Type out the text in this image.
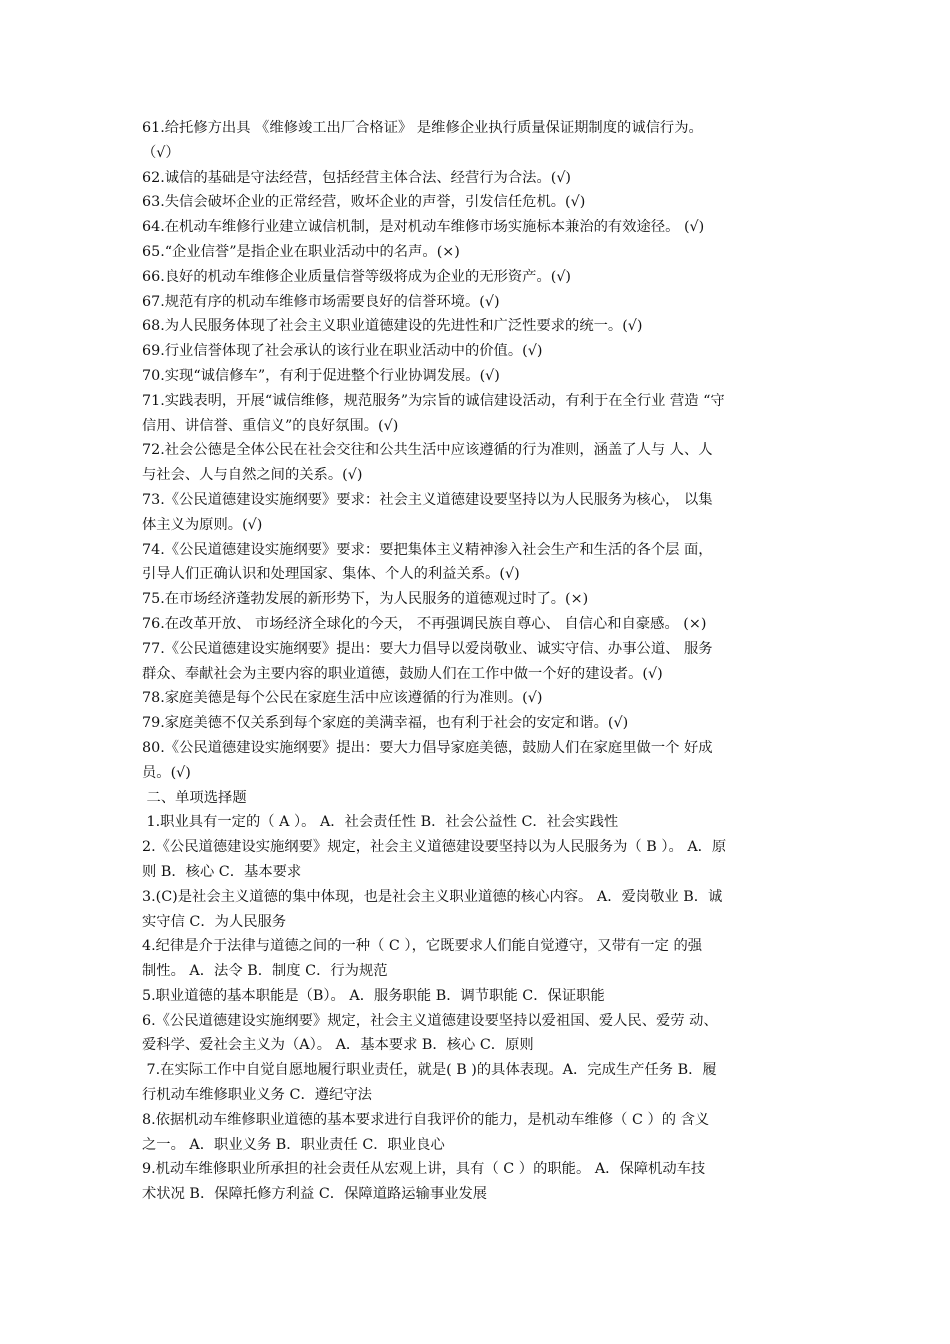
61.给托修方出具 《维修竣工出厂合格证》 是维修企业执行质量保证期制度的诚信行为。
（√）
62.诚信的基础是守法经营，包括经营主体合法、经营行为合法。(√)
63.失信会破坏企业的正常经营，败坏企业的声誉，引发信任危机。(√)
64.在机动车维修行业建立诚信机制，是对机动车维修市场实施标本兼治的有效途径。 (√)
65.“企业信誉”是指企业在职业活动中的名声。(×)
66.良好的机动车维修企业质量信誉等级将成为企业的无形资产。(√)
67.规范有序的机动车维修市场需要良好的信誉环境。(√)
68.为人民服务体现了社会主义职业道德建设的先进性和广泛性要求的统一。(√)
69.行业信誉体现了社会承认的该行业在职业活动中的价值。(√)
70.实现“诚信修车”，有利于促进整个行业协调发展。(√)
71.实践表明，开展“诚信维修，规范服务”为宗旨的诚信建设活动，有利于在全行业 营造 “守
信用、讲信誉、重信义”的良好氛围。(√)
72.社会公德是全体公民在社会交往和公共生活中应该遵循的行为准则，涵盖了人与 人、人
与社会、人与自然之间的关系。(√)
73.《公民道德建设实施纲要》要求：社会主义道德建设要坚持以为人民服务为核心， 以集
体主义为原则。(√)
74.《公民道德建设实施纲要》要求：要把集体主义精神渗入社会生产和生活的各个层 面，
引导人们正确认识和处理国家、集体、个人的利益关系。(√)
75.在市场经济蓬勃发展的新形势下，为人民服务的道德观过时了。(×)
76.在改革开放、 市场经济全球化的今天， 不再强调民族自尊心、 自信心和自豪感。 (×)
77.《公民道德建设实施纲要》提出：要大力倡导以爱岗敬业、诚实守信、办事公道、 服务
群众、奉献社会为主要内容的职业道德，鼓励人们在工作中做一个好的建设者。(√)
78.家庭美德是每个公民在家庭生活中应该遵循的行为准则。(√)
79.家庭美德不仅关系到每个家庭的美满幸福，也有利于社会的安定和谐。(√)
80.《公民道德建设实施纲要》提出：要大力倡导家庭美德，鼓励人们在家庭里做一个 好成
员。(√)
二、单项选择题
1.职业具有一定的（ A ）。 A．社会责任性 B．社会公益性 C．社会实践性
2.《公民道德建设实施纲要》规定，社会主义道德建设要坚持以为人民服务为（ B ）。 A．原
则 B．核心 C．基本要求
3.(C)是社会主义道德的集中体现，也是社会主义职业道德的核心内容。 A．爱岗敬业 B．诚
实守信 C．为人民服务
4.纪律是介于法律与道德之间的一种（ C ），它既要求人们能自觉遵守，又带有一定 的强
制性。 A．法令 B．制度 C．行为规范
5.职业道德的基本职能是（B）。 A．服务职能 B．调节职能 C．保证职能
6.《公民道德建设实施纲要》规定，社会主义道德建设要坚持以爱祖国、爱人民、爱劳 动、
爱科学、爱社会主义为（A）。 A．基本要求 B．核心 C．原则
7.在实际工作中自觉自愿地履行职业责任，就是( B )的具体表现。A．完成生产任务 B．履
行机动车维修职业义务 C．遵纪守法
8.依据机动车维修职业道德的基本要求进行自我评价的能力，是机动车维修（ C ）的 含义
之一。 A．职业义务 B．职业责任 C．职业良心
9.机动车维修职业所承担的社会责任从宏观上讲，具有（ C ）的职能。 A．保障机动车技
术状况 B．保障托修方利益 C．保障道路运输事业发展
